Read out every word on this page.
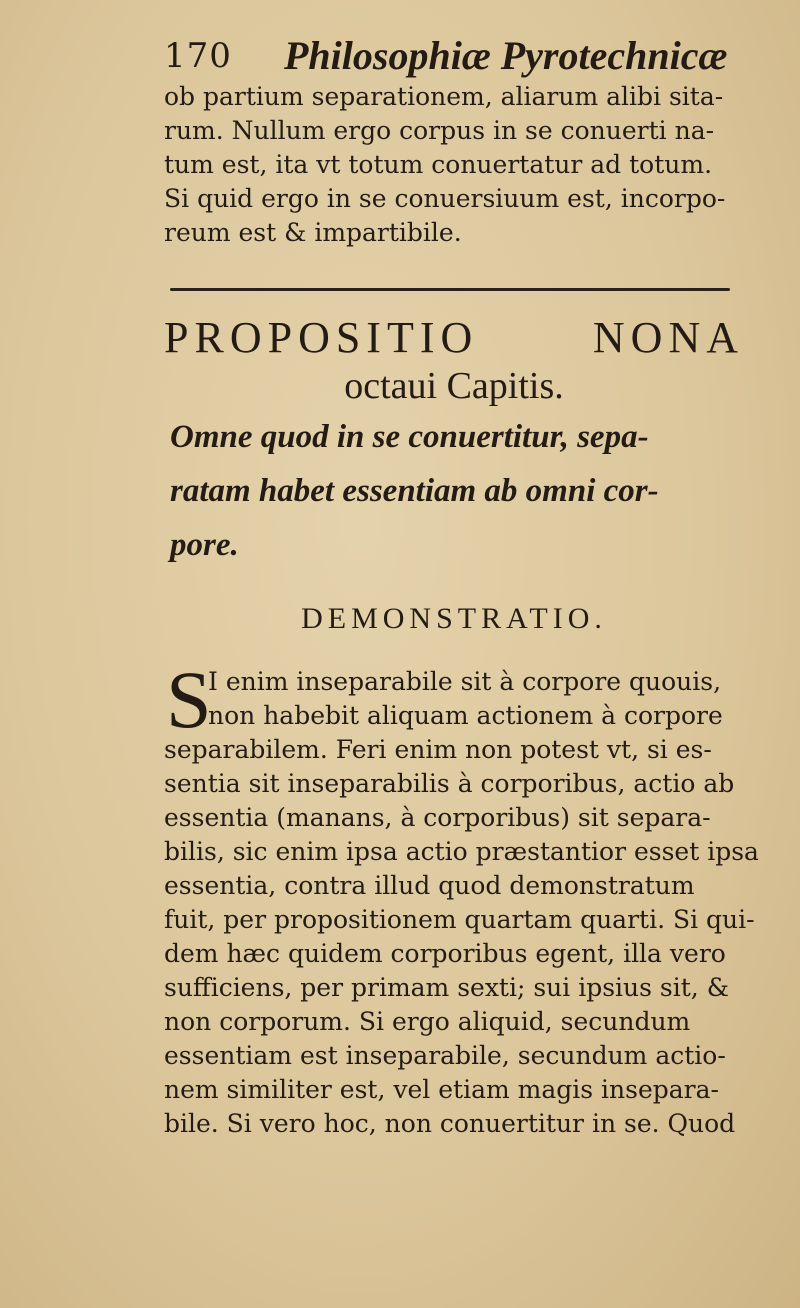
170 Philosophiæ Pyrotechnicæ
ob partium separationem, aliarum alibi sita-
rum. Nullum ergo corpus in se conuerti na-
tum est, ita vt totum conuertatur ad totum.
Si quid ergo in se conuersiuum est, incorpo-
reum est & impartibile.
PROPOSITIO	NONA
octaui Capitis.
Omne quod in se conuertitur, sepa-
ratam habet essentiam ab omni cor-
pore.
DEMONSTRATIO.
S
I enim inseparabile sit à corpore quouis,
non habebit aliquam actionem à corpore
separabilem. Feri enim non potest vt, si es-
sentia sit inseparabilis à corporibus, actio ab
essentia (manans, à corporibus) sit separa-
bilis, sic enim ipsa actio præstantior esset ipsa
essentia, contra illud quod demonstratum
fuit, per propositionem quartam quarti. Si qui-
dem hæc quidem corporibus egent, illa vero
sufficiens, per primam sexti; sui ipsius sit, &
non corporum. Si ergo aliquid, secundum
essentiam est inseparabile, secundum actio-
nem similiter est, vel etiam magis insepara-
bile. Si vero hoc, non conuertitur in se. Quod
